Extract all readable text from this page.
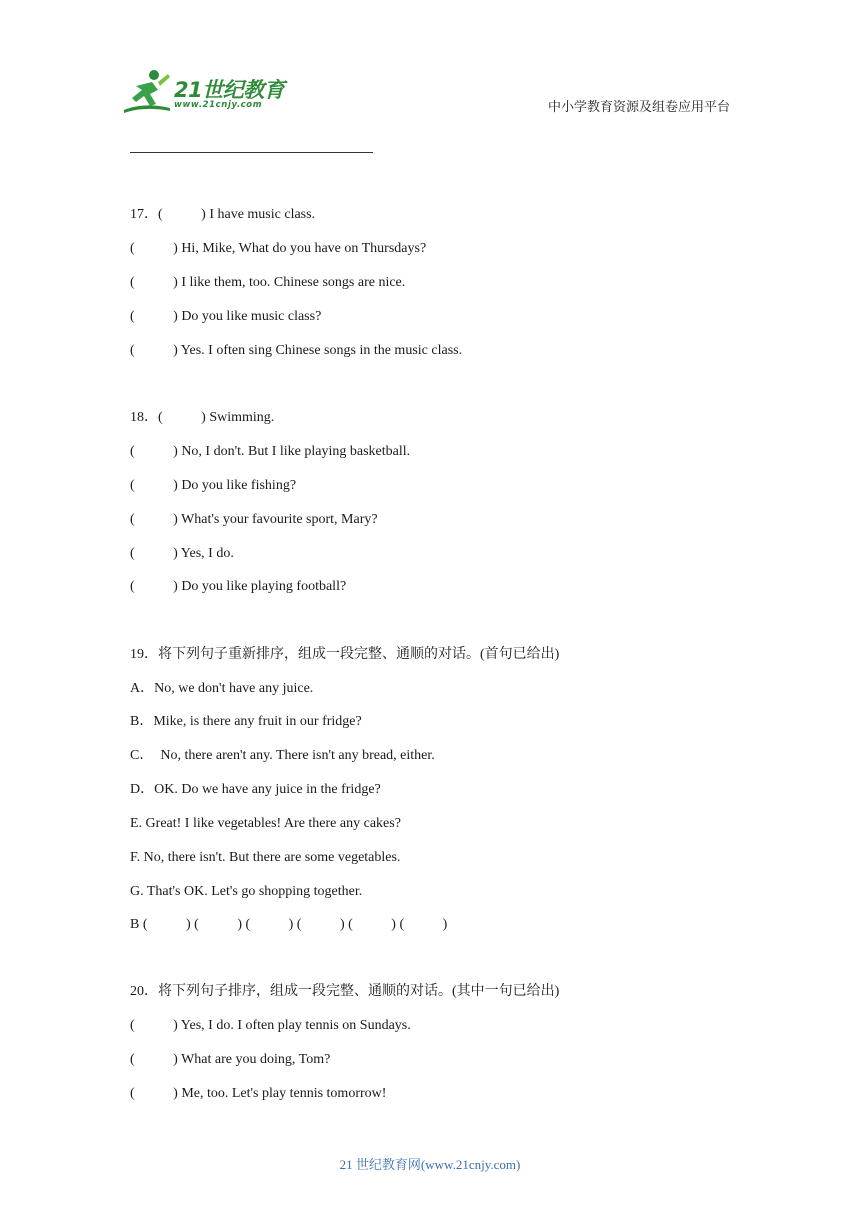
21世纪教育
www.21cnjy.com	中小学教育资源及组卷应用平台
17．(           ) I have music class.
(           ) Hi, Mike, What do you have on Thursdays?
(           ) I like them, too. Chinese songs are nice.
(           ) Do you like music class?
(           ) Yes. I often sing Chinese songs in the music class.
18．(           ) Swimming.
(           ) No, I don't. But I like playing basketball.
(           ) Do you like fishing?
(           ) What's your favourite sport, Mary?
(           ) Yes, I do.
(           ) Do you like playing football?
19．将下列句子重新排序，组成一段完整、通顺的对话。(首句已给出)
A．No, we don't have any juice.
B．Mike, is there any fruit in our fridge?
C．  No, there aren't any. There isn't any bread, either.
D．OK. Do we have any juice in the fridge?
E. Great! I like vegetables! Are there any cakes?
F. No, there isn't. But there are some vegetables.
G. That's OK. Let's go shopping together.
B (           ) (           ) (           ) (           ) (           ) (           )
20．将下列句子排序，组成一段完整、通顺的对话。(其中一句已给出)
(           ) Yes, I do. I often play tennis on Sundays.
(           ) What are you doing, Tom?
(           ) Me, too. Let's play tennis tomorrow!
21 世纪教育网(www.21cnjy.com)
